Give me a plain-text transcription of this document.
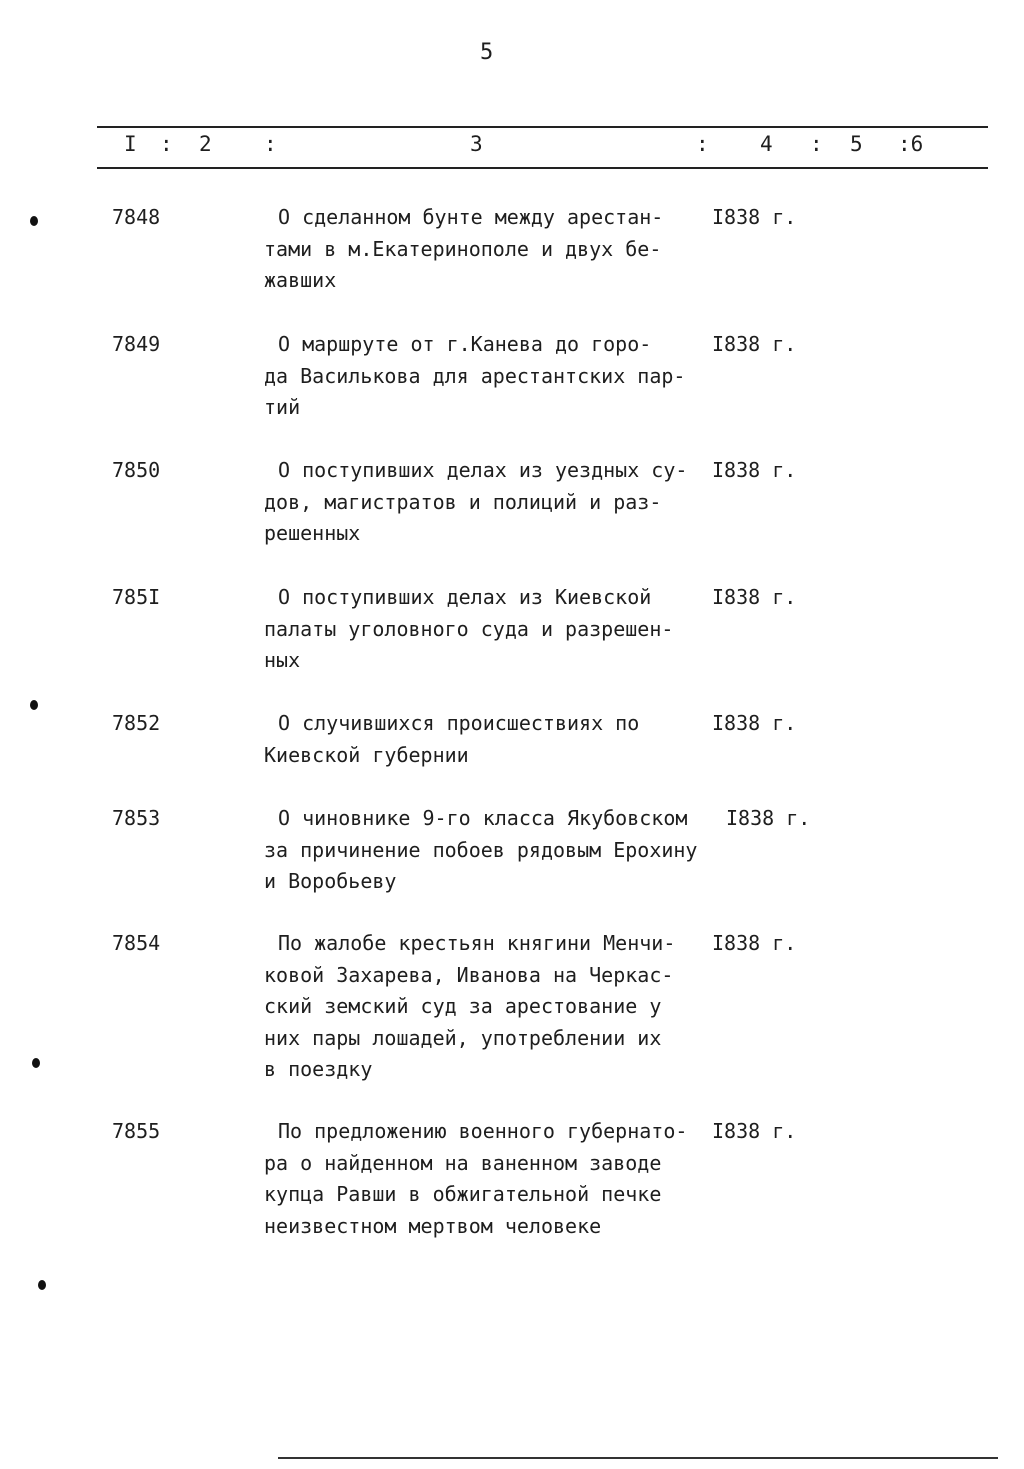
5
I : 2 :	3	: 4 : 5 :6
7848	О сделанном бунте между арестан-
тами в м.Екатеринополе и двух бе-
жавших
I838 г.
7849	О маршруте от г.Канева до горо-
да Василькова для арестантских пар-
тий
I838 г.
7850	О поступивших делах из уездных су-
дов, магистратов и полиций и раз-
решенных
I838 г.
785I	О поступивших делах из Киевской
палаты уголовного суда и разрешен-
ных
I838 г.
7852	О случившихся происшествиях по
Киевской губернии
I838 г.
7853	О чиновнике 9-го класса Якубовском
за причинение побоев рядовым Ерохину
и Воробьеву
I838 г.
7854	По жалобе крестьян княгини Менчи-
ковой Захарева, Иванова на Черкас-
ский земский суд за арестование у
них пары лошадей, употреблении их
в поездку
I838 г.
7855	По предложению военного губернато-
ра о найденном на ваненном заводе
купца Равши в обжигательной печке
неизвестном мертвом человеке
I838 г.
